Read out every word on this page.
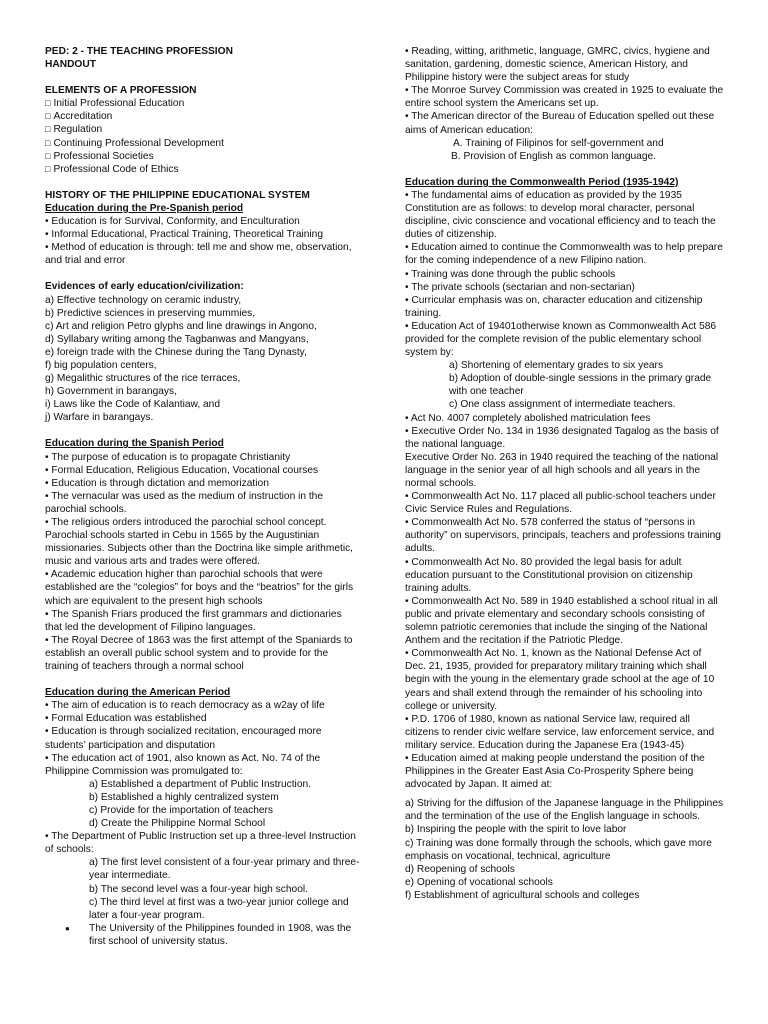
PED: 2 - THE TEACHING PROFESSION

HANDOUT

ELEMENTS OF A PROFESSION

□ Initial Professional Education

□ Accreditation

□ Regulation

□ Continuing Professional Development

□ Professional Societies

□ Professional Code of Ethics

HISTORY OF THE PHILIPPINE EDUCATIONAL SYSTEM

Education during the Pre-Spanish period

• Education is for Survival, Conformity, and Enculturation

• Informal Educational, Practical Training, Theoretical Training

• Method of education is through: tell me and show me, observation, and trial and error

Evidences of early education/civilization:

a) Effective technology on ceramic industry,

b) Predictive sciences in preserving mummies,

c) Art and religion Petro glyphs and line drawings in Angono,

d) Syllabary writing among the Tagbanwas and Mangyans,

e) foreign trade with the Chinese during the Tang Dynasty,

f) big population centers,

g) Megalithic structures of the rice terraces,

h) Government in barangays,

i) Laws like the Code of Kalantiaw, and

j) Warfare in barangays.

Education during the Spanish Period

• The purpose of education is to propagate Christianity

• Formal Education, Religious Education, Vocational courses

• Education is through dictation and memorization

• The vernacular was used as the medium of instruction in the parochial schools.

• The religious orders introduced the parochial school concept. Parochial schools started in Cebu in 1565 by the Augustinian missionaries. Subjects other than the Doctrina like simple arithmetic, music and various arts and trades were offered.

• Academic education higher than parochial schools that were established are the “colegios” for boys and the “beatrios” for the girls which are equivalent to the present high schools

• The Spanish Friars produced the first grammars and dictionaries that led the development of Filipino languages.

• The Royal Decree of 1863 was the first attempt of the Spaniards to establish an overall public school system and to provide for the training of teachers through a normal school

Education during the American Period

• The aim of education is to reach democracy as a w2ay of life

• Formal Education was established

• Education is through socialized recitation, encouraged more students’ participation and disputation

• The education act of 1901, also known as Act. No. 74 of the Philippine Commission was promulgated to:

a) Established a department of Public Instruction.

b) Established a highly centralized system

c) Provide for the importation of teachers

d) Create the Philippine Normal School

• The Department of Public Instruction set up a three-level Instruction of schools:

a) The first level consistent of a four-year primary and three-year intermediate.

b) The second level was a four-year high school.

c) The third level at first was a two-year junior college and later a four-year program.

● The University of the Philippines founded in 1908, was the first school of university status.

• Reading, witting, arithmetic, language, GMRC, civics, hygiene and sanitation, gardening, domestic science, American History, and Philippine history were the subject areas for study

• The Monroe Survey Commission was created in 1925 to evaluate the entire school system the Americans set up.

• The American director of the Bureau of Education spelled out these aims of American education:

A. Training of Filipinos for self-government and

B. Provision of English as common language.

Education during the Commonwealth Period (1935-1942)

• The fundamental aims of education as provided by the 1935 Constitution are as follows: to develop moral character, personal discipline, civic conscience and vocational efficiency and to teach the duties of citizenship.

• Education aimed to continue the Commonwealth was to help prepare for the coming independence of a new Filipino nation.

• Training was done through the public schools

• The private schools (sectarian and non-sectarian)

• Curricular emphasis was on, character education and citizenship training.

• Education Act of 19401otherwise known as Commonwealth Act 586 provided for the complete revision of the public elementary school system by:

a) Shortening of elementary grades to six years

b) Adoption of double-single sessions in the primary grade with one teacher

c) One class assignment of intermediate teachers.

• Act No. 4007 completely abolished matriculation fees

• Executive Order No. 134 in 1936 designated Tagalog as the basis of the national language.

Executive Order No. 263 in 1940 required the teaching of the national language in the senior year of all high schools and all years in the normal schools.

• Commonwealth Act No. 117 placed all public-school teachers under Civic Service Rules and Regulations.

• Commonwealth Act No. 578 conferred the status of “persons in authority” on supervisors, principals, teachers and professions training adults.

• Commonwealth Act No. 80 provided the legal basis for adult education pursuant to the Constitutional provision on citizenship training adults.

• Commonwealth Act No. 589 in 1940 established a school ritual in all public and private elementary and secondary schools consisting of solemn patriotic ceremonies that include the singing of the National Anthem and the recitation if the Patriotic Pledge.

• Commonwealth Act No. 1, known as the National Defense Act of Dec. 21, 1935, provided for preparatory military training which shall begin with the young in the elementary grade school at the age of 10 years and shall extend through the remainder of his schooling into college or university.

• P.D. 1706 of 1980, known as national Service law, required all citizens to render civic welfare service, law enforcement service, and military service. Education during the Japanese Era (1943-45)

• Education aimed at making people understand the position of the Philippines in the Greater East Asia Co-Prosperity Sphere being advocated by Japan. It aimed at:

a) Striving for the diffusion of the Japanese language in the Philippines and the termination of the use of the English language in schools.

b) Inspiring the people with the spirit to love labor

c) Training was done formally through the schools, which gave more emphasis on vocational, technical, agriculture

d) Reopening of schools

e) Opening of vocational schools

f) Establishment of agricultural schools and colleges
